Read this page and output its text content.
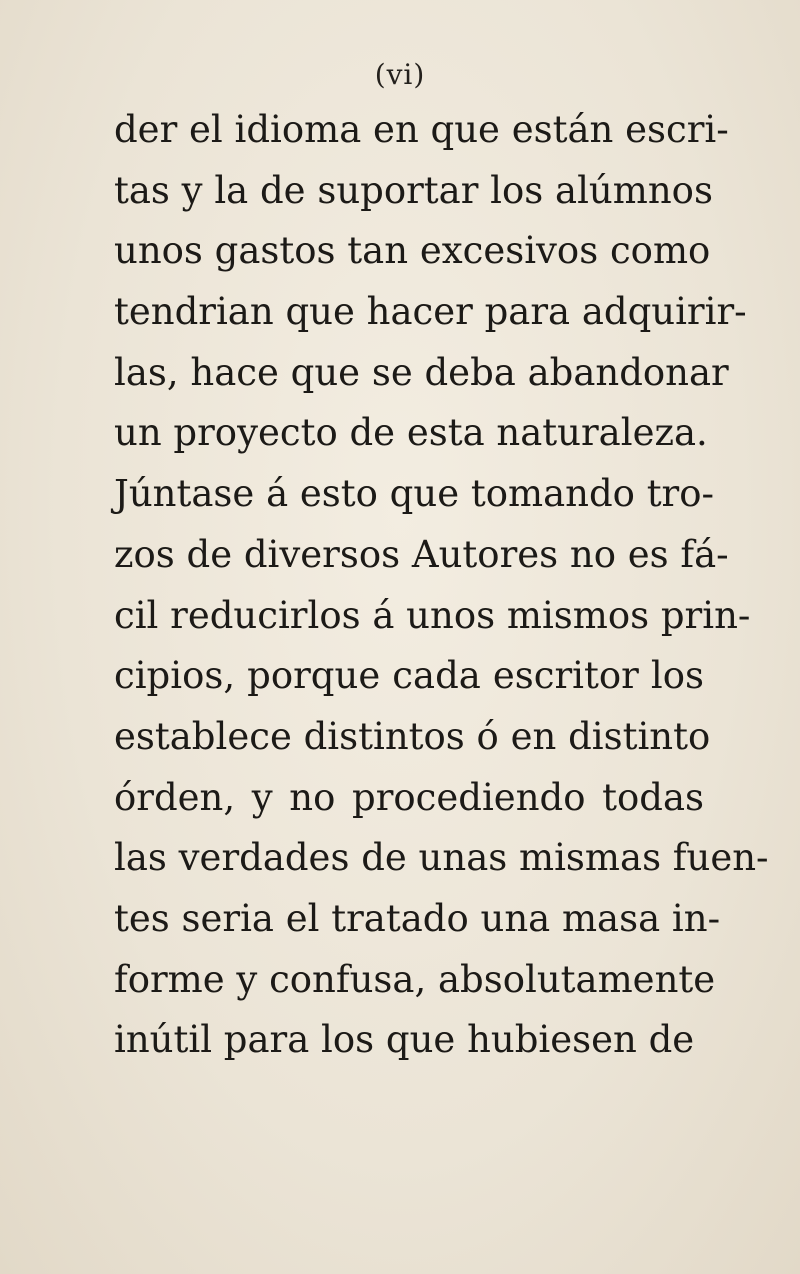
(vi)
der el idioma en que están escri-
tas y la de suportar los alúmnos
unos gastos tan excesivos como
tendrian que hacer para adquirir-
las, hace que se deba abandonar
un proyecto de esta naturaleza.
Júntase á esto que tomando tro-
zos de diversos Autores no es fá-
cil reducirlos á unos mismos prin-
cipios, porque cada escritor los
establece distintos ó en distinto
órden, y no procediendo todas
las verdades de unas mismas fuen-
tes seria el tratado una masa in-
forme y confusa, absolutamente
inútil para los que hubiesen de
